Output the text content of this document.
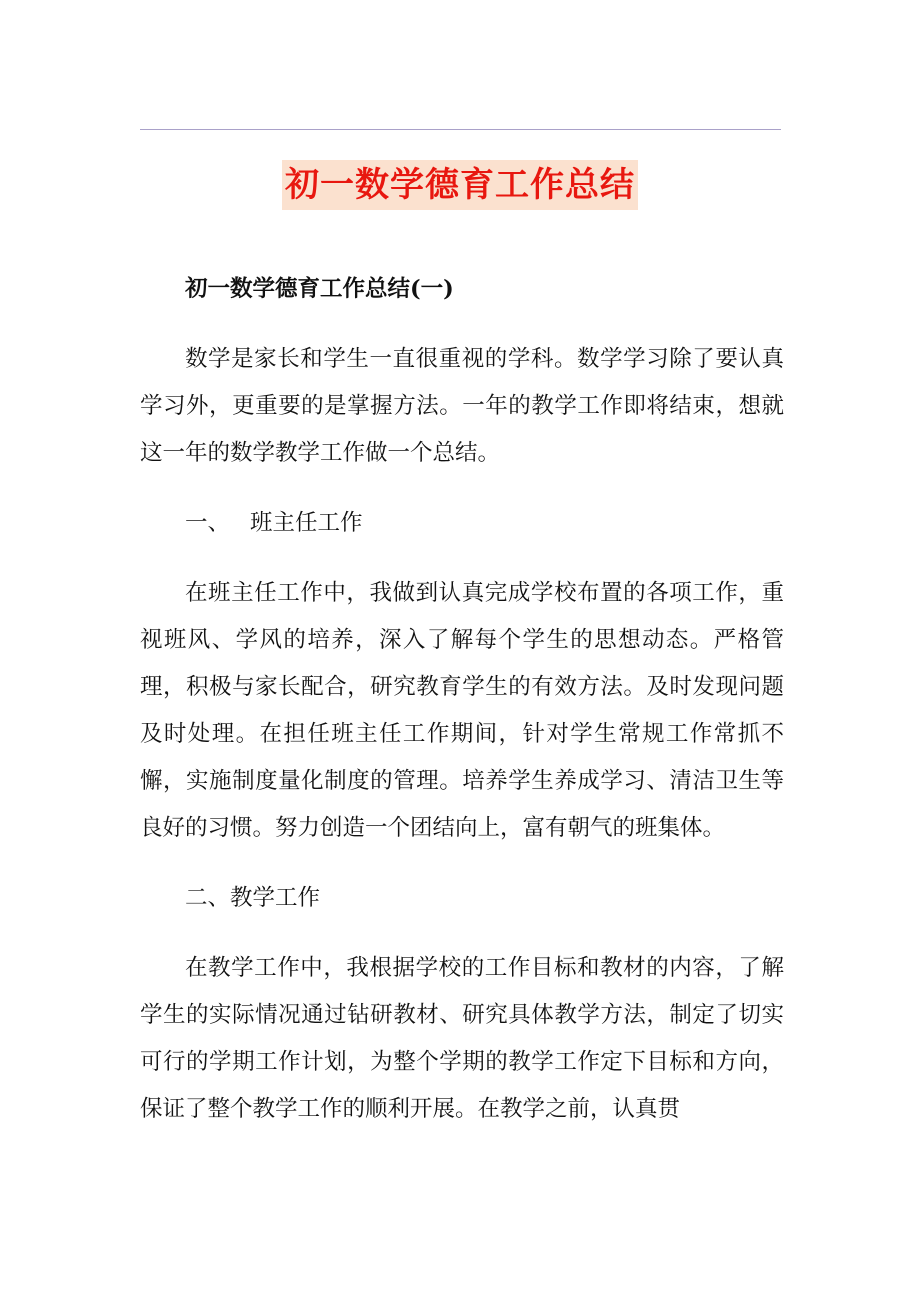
初一数学德育工作总结

初一数学德育工作总结(一)

数学是家长和学生一直很重视的学科。数学学习除了要认真学习外，更重要的是掌握方法。一年的教学工作即将结束，想就这一年的数学教学工作做一个总结。

一、 班主任工作

在班主任工作中，我做到认真完成学校布置的各项工作，重视班风、学风的培养，深入了解每个学生的思想动态。严格管理，积极与家长配合，研究教育学生的有效方法。及时发现问题及时处理。在担任班主任工作期间，针对学生常规工作常抓不懈，实施制度量化制度的管理。培养学生养成学习、清洁卫生等良好的习惯。努力创造一个团结向上，富有朝气的班集体。

二、教学工作

在教学工作中，我根据学校的工作目标和教材的内容，了解学生的实际情况通过钻研教材、研究具体教学方法，制定了切实可行的学期工作计划，为整个学期的教学工作定下目标和方向，保证了整个教学工作的顺利开展。在教学之前，认真贯
